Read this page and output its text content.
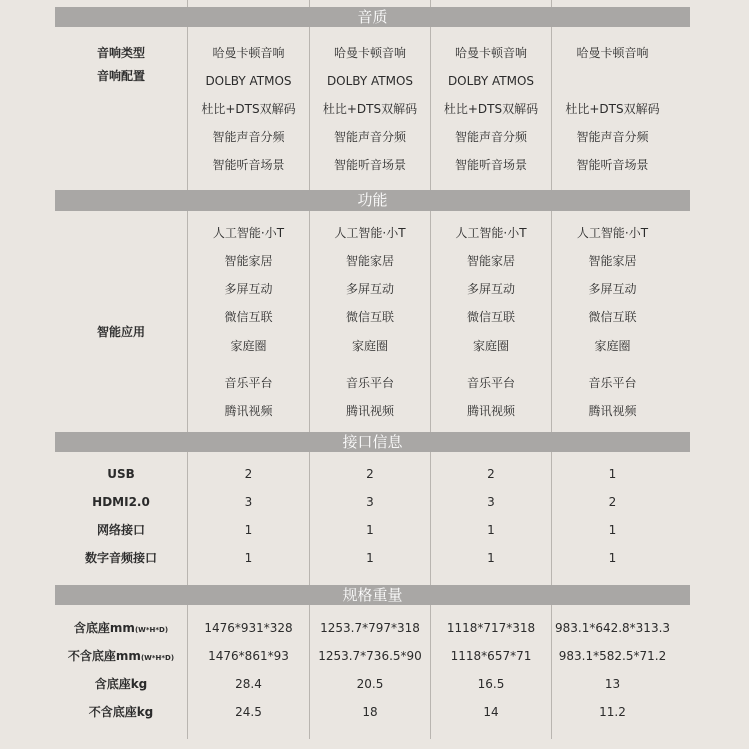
音质
音响类型	哈曼卡顿音响	哈曼卡顿音响	哈曼卡顿音响	哈曼卡顿音响
音响配置	DOLBY ATMOS	DOLBY ATMOS	DOLBY ATMOS
杜比+DTS双解码	杜比+DTS双解码	杜比+DTS双解码	杜比+DTS双解码
智能声音分频	智能声音分频	智能声音分频	智能声音分频
智能听音场景	智能听音场景	智能听音场景	智能听音场景
功能
智能应用
人工智能·小T	人工智能·小T	人工智能·小T	人工智能·小T
智能家居	智能家居	智能家居	智能家居
多屏互动	多屏互动	多屏互动	多屏互动
微信互联	微信互联	微信互联	微信互联
家庭圈	家庭圈	家庭圈	家庭圈
音乐平台	音乐平台	音乐平台	音乐平台
腾讯视频	腾讯视频	腾讯视频	腾讯视频
接口信息
USB	2	2	2	1
HDMI2.0	3	3	3	2
网络接口	1	1	1	1
数字音频接口	1	1	1	1
规格重量
含底座mm(W*H*D)	1476*931*328	1253.7*797*318	1118*717*318	983.1*642.8*313.3
不含底座mm(W*H*D)	1476*861*93	1253.7*736.5*90	1118*657*71	983.1*582.5*71.2
含底座kg	28.4	20.5	16.5	13
不含底座kg	24.5	18	14	11.2
